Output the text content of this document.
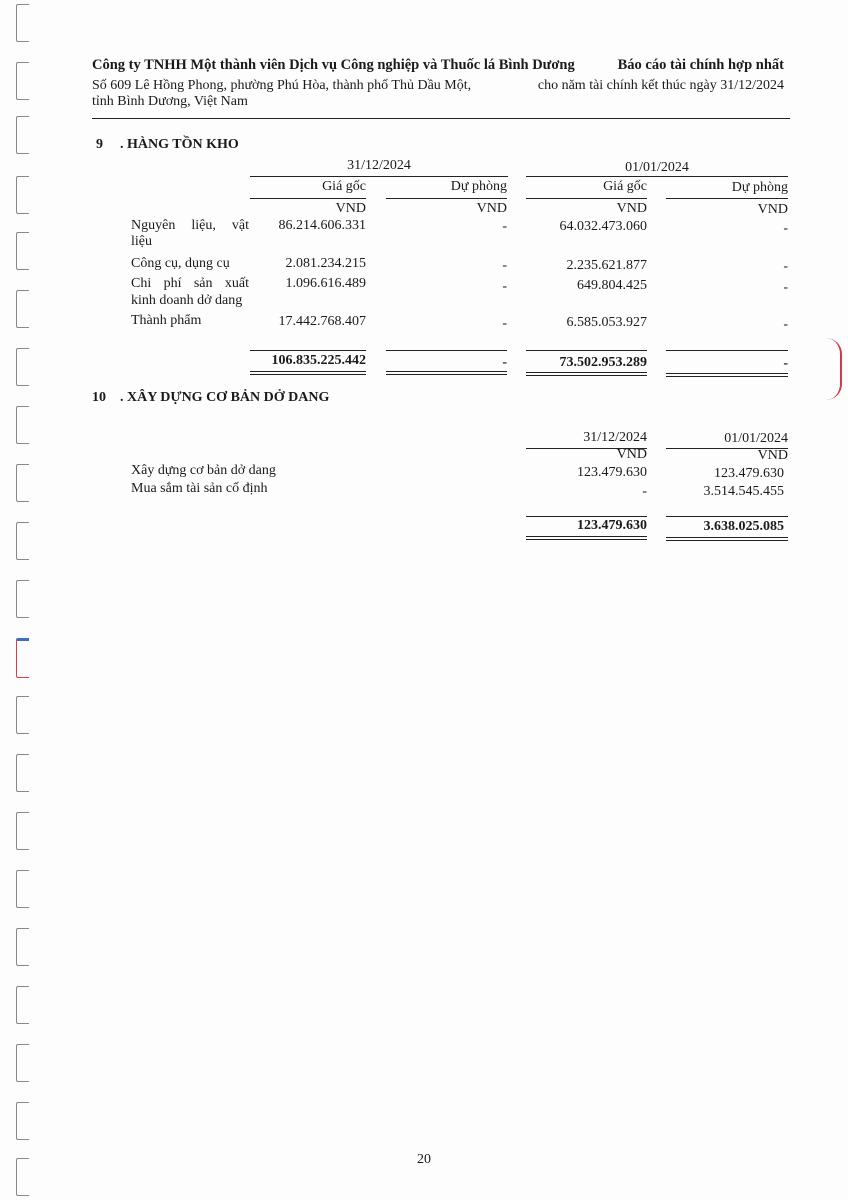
Công ty TNHH Một thành viên Dịch vụ Công nghiệp và Thuốc lá Bình Dương	Báo cáo tài chính hợp nhất
Số 609 Lê Hồng Phong, phường Phú Hòa, thành phố Thủ Dầu Một,	cho năm tài chính kết thúc ngày 31/12/2024
tỉnh Bình Dương, Việt Nam
9 . HÀNG TỒN KHO
31/12/2024	01/01/2024
Giá gốc	Dự phòng	Giá gốc	Dự phòng
VND	VND	VND	VND
Nguyên liệu, vật
liệu
86.214.606.331	-	64.032.473.060	-
Công cụ, dụng cụ	2.081.234.215	-	2.235.621.877	-
Chi phí sản xuất
kinh doanh dở dang
1.096.616.489	-	649.804.425	-
Thành phẩm	17.442.768.407	-	6.585.053.927	-
106.835.225.442	-	73.502.953.289	-
10 . XÂY DỰNG CƠ BẢN DỞ DANG
31/12/2024	01/01/2024
VND	VND
Xây dựng cơ bản dở dang	123.479.630	123.479.630
Mua sắm tài sản cố định	-	3.514.545.455
123.479.630	3.638.025.085
20
